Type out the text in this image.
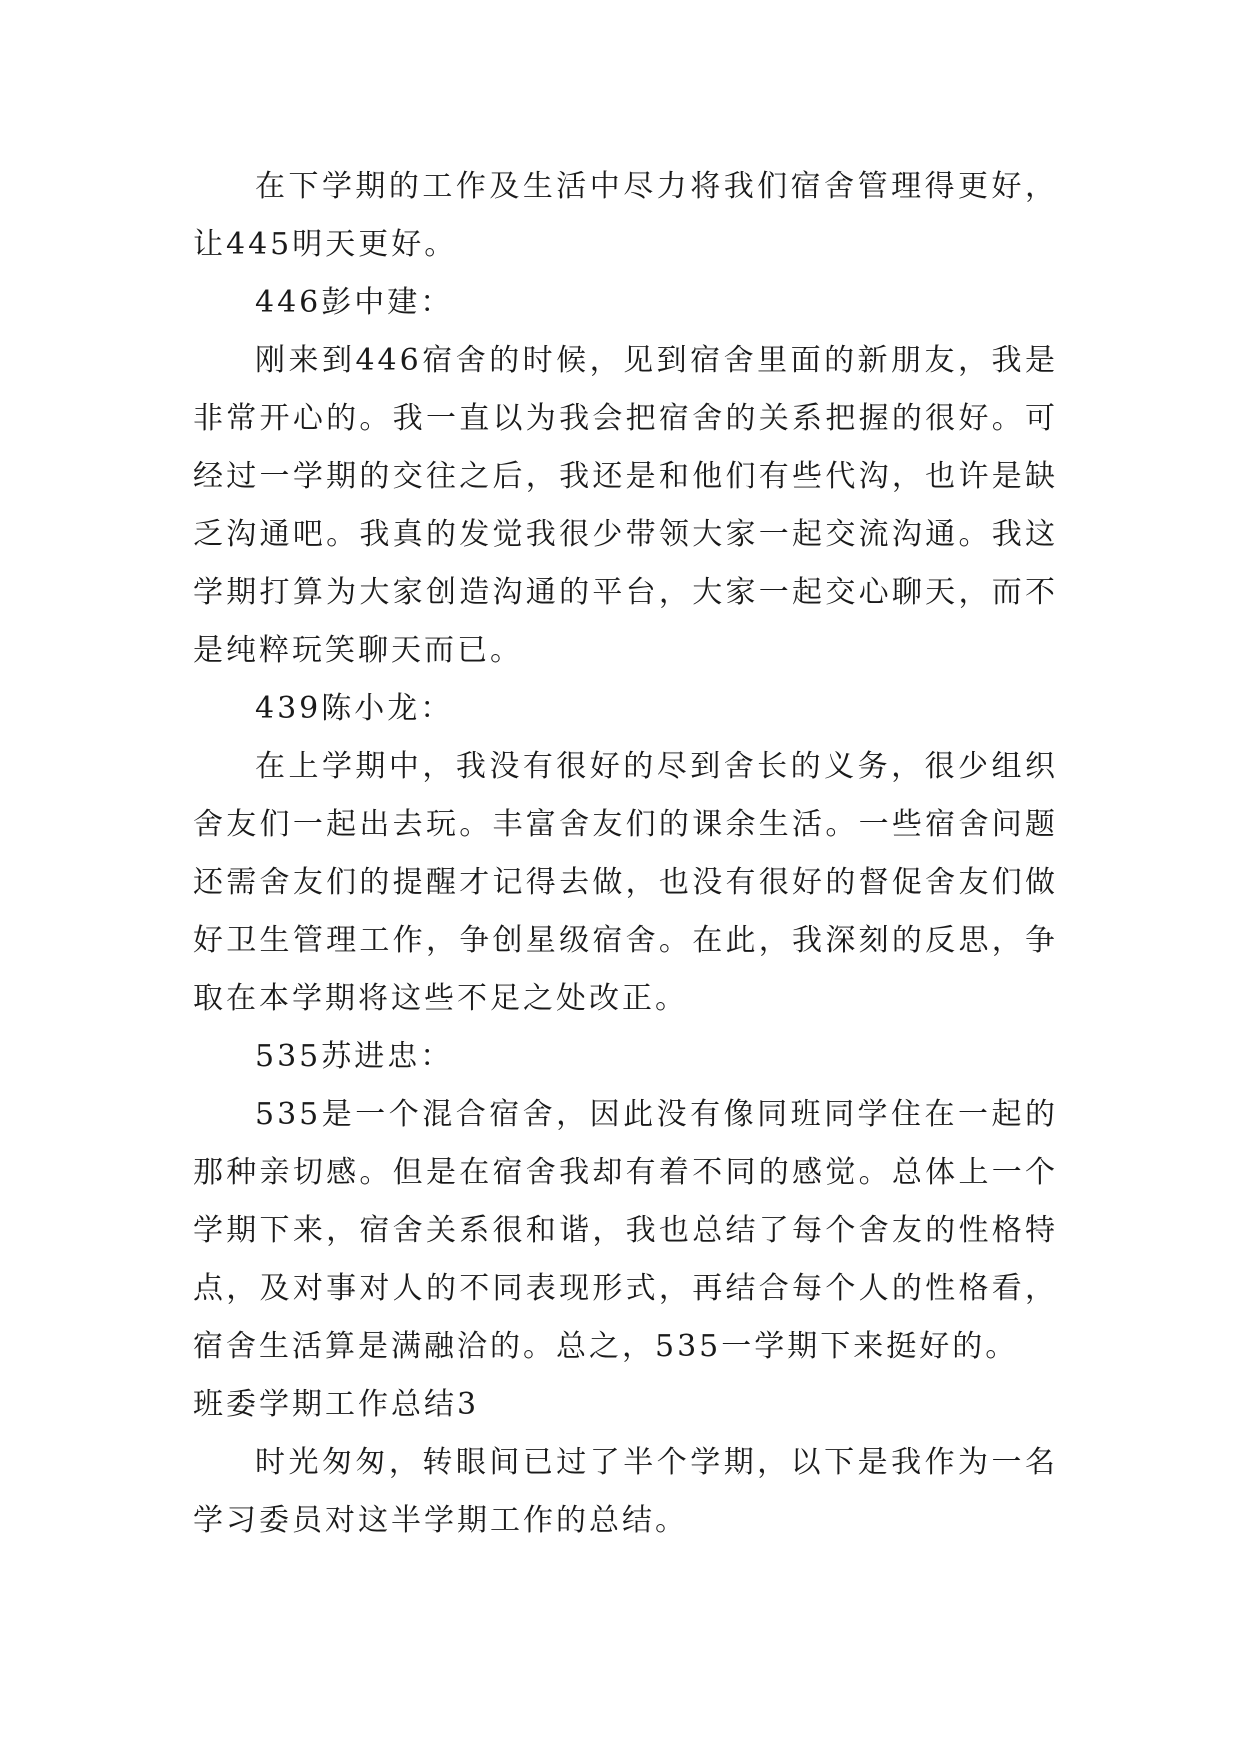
在下学期的工作及生活中尽力将我们宿舍管理得更好，让445明天更好。

446彭中建：

刚来到446宿舍的时候，见到宿舍里面的新朋友，我是非常开心的。我一直以为我会把宿舍的关系把握的很好。可经过一学期的交往之后，我还是和他们有些代沟，也许是缺乏沟通吧。我真的发觉我很少带领大家一起交流沟通。我这学期打算为大家创造沟通的平台，大家一起交心聊天，而不是纯粹玩笑聊天而已。

439陈小龙：

在上学期中，我没有很好的尽到舍长的义务，很少组织舍友们一起出去玩。丰富舍友们的课余生活。一些宿舍问题还需舍友们的提醒才记得去做，也没有很好的督促舍友们做好卫生管理工作，争创星级宿舍。在此，我深刻的反思，争取在本学期将这些不足之处改正。

535苏进忠：

535是一个混合宿舍，因此没有像同班同学住在一起的那种亲切感。但是在宿舍我却有着不同的感觉。总体上一个学期下来，宿舍关系很和谐，我也总结了每个舍友的性格特点，及对事对人的不同表现形式，再结合每个人的性格看，宿舍生活算是满融洽的。总之，535一学期下来挺好的。

班委学期工作总结3

时光匆匆，转眼间已过了半个学期，以下是我作为一名学习委员对这半学期工作的总结。
